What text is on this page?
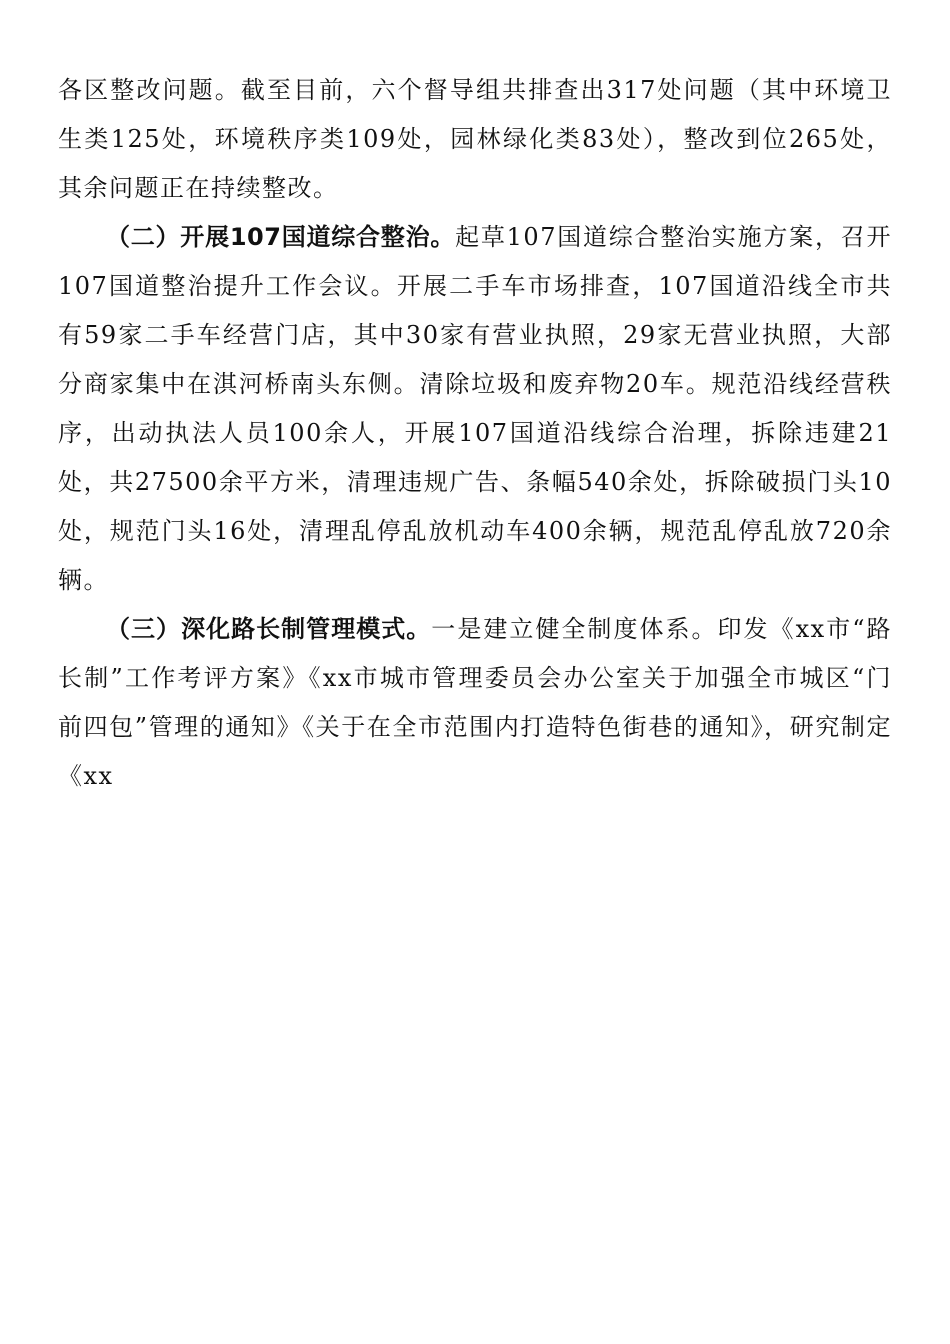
各区整改问题。截至目前，六个督导组共排查出317处问题（其中环境卫生类125处，环境秩序类109处，园林绿化类83处），整改到位265处，其余问题正在持续整改。

（二）开展107国道综合整治。起草107国道综合整治实施方案，召开107国道整治提升工作会议。开展二手车市场排查，107国道沿线全市共有59家二手车经营门店，其中30家有营业执照，29家无营业执照，大部分商家集中在淇河桥南头东侧。清除垃圾和废弃物20车。规范沿线经营秩序，出动执法人员100余人，开展107国道沿线综合治理，拆除违建21处，共27500余平方米，清理违规广告、条幅540余处，拆除破损门头10处，规范门头16处，清理乱停乱放机动车400余辆，规范乱停乱放720余辆。

（三）深化路长制管理模式。一是建立健全制度体系。印发《xx市“路长制”工作考评方案》《xx市城市管理委员会办公室关于加强全市城区“门前四包”管理的通知》《关于在全市范围内打造特色街巷的通知》，研究制定《xx
